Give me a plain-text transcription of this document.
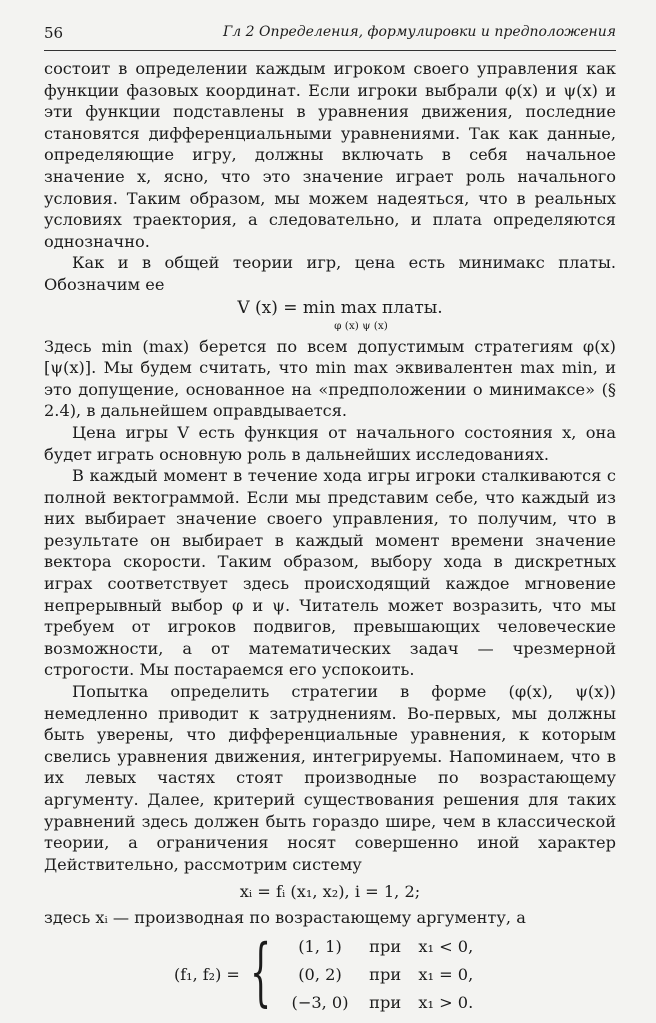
56	Гл 2 Определения, формулировки и предположения

состоит в определении каждым игроком своего управления как функции фазовых координат. Если игроки выбрали φ(x) и ψ(x) и эти функции подставлены в уравнения движения, последние становятся дифференциальными уравнениями. Так как данные, определяющие игру, должны включать в себя начальное значение x, ясно, что это значение играет роль начального условия. Таким образом, мы можем надеяться, что в реальных условиях траектория, а следовательно, и плата определяются однозначно.

Как и в общей теории игр, цена есть минимакс платы. Обозначим ее

V (x) = min max платы.
φ (x) ψ (x)

Здесь min (max) берется по всем допустимым стратегиям φ(x)[ψ(x)]. Мы будем считать, что min max эквивалентен max min, и это допущение, основанное на «предположении о минимаксе» (§ 2.4), в дальнейшем оправдывается.

Цена игры V есть функция от начального состояния x, она будет играть основную роль в дальнейших исследованиях.

В каждый момент в течение хода игры игроки сталкиваются с полной вектограммой. Если мы представим себе, что каждый из них выбирает значение своего управления, то получим, что в результате он выбирает в каждый момент времени значение вектора скорости. Таким образом, выбору хода в дискретных играх соответствует здесь происходящий каждое мгновение непрерывный выбор φ и ψ. Читатель может возразить, что мы требуем от игроков подвигов, превышающих человеческие возможности, а от математических задач — чрезмерной строгости. Мы постараемся его успокоить.

Попытка определить стратегии в форме (φ(x), ψ(x)) немедленно приводит к затруднениям. Во-первых, мы должны быть уверены, что дифференциальные уравнения, к которым свелись уравнения движения, интегрируемы. Напоминаем, что в их левых частях стоят производные по возрастающему аргументу. Далее, критерий существования решения для таких уравнений здесь должен быть гораздо шире, чем в классической теории, а ограничения носят совершенно иной характер Действительно, рассмотрим систему

xᵢ = fᵢ (x₁, x₂), i = 1, 2;

здесь xᵢ — производная по возрастающему аргументу, а

(f₁, f₂) = {	(1, 1) при x₁ < 0,
(0, 2) при x₁ = 0,
(−3, 0) при x₁ > 0.
